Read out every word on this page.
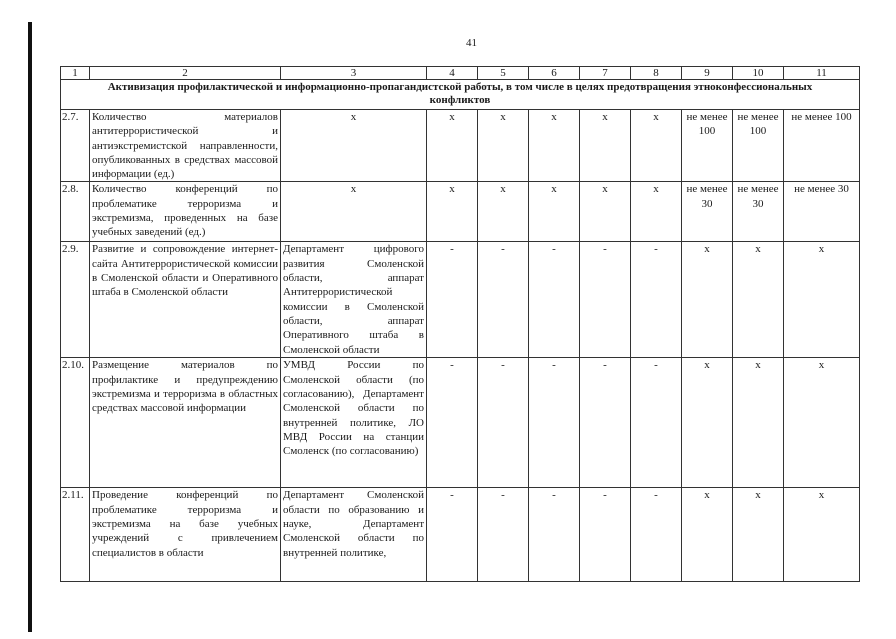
41
1	2	3	4	5	6	7	8	9	10	11
Активизация профилактической и информационно-пропагандистской работы, в том числе в целях предотвращения этноконфессиональных конфликтов										
2.7.	Количество материалов антитеррористической и антиэкстремистской направленности, опубликованных в средствах массовой информации (ед.)	х	х	х	х	х	х	не менее 100	не менее 100	не менее 100
2.8.	Количество конференций по проблематике терроризма и экстремизма, проведенных на базе учебных заведений (ед.)	х	х	х	х	х	х	не менее 30	не менее 30	не менее 30
2.9.	Развитие и сопровождение интернет-сайта Антитеррористической комиссии в Смоленской области и Оперативного штаба в Смоленской области	Департамент цифрового развития Смоленской области, аппарат Антитеррористической комиссии в Смоленской области, аппарат Оперативного штаба в Смоленской области	-	-	-	-	-	х	х	х
2.10.	Размещение материалов по профилактике и предупреждению экстремизма и терроризма в областных средствах массовой информации	УМВД России по Смоленской области (по согласованию), Департамент Смоленской области по внутренней политике, ЛО МВД России на станции Смоленск (по согласованию)	-	-	-	-	-	х	х	х
2.11.	Проведение конференций по проблематике терроризма и экстремизма на базе учебных учреждений с привлечением специалистов в области	Департамент Смоленской области по образованию и науке, Департамент Смоленской области по внутренней политике,	-	-	-	-	-	х	х	х
